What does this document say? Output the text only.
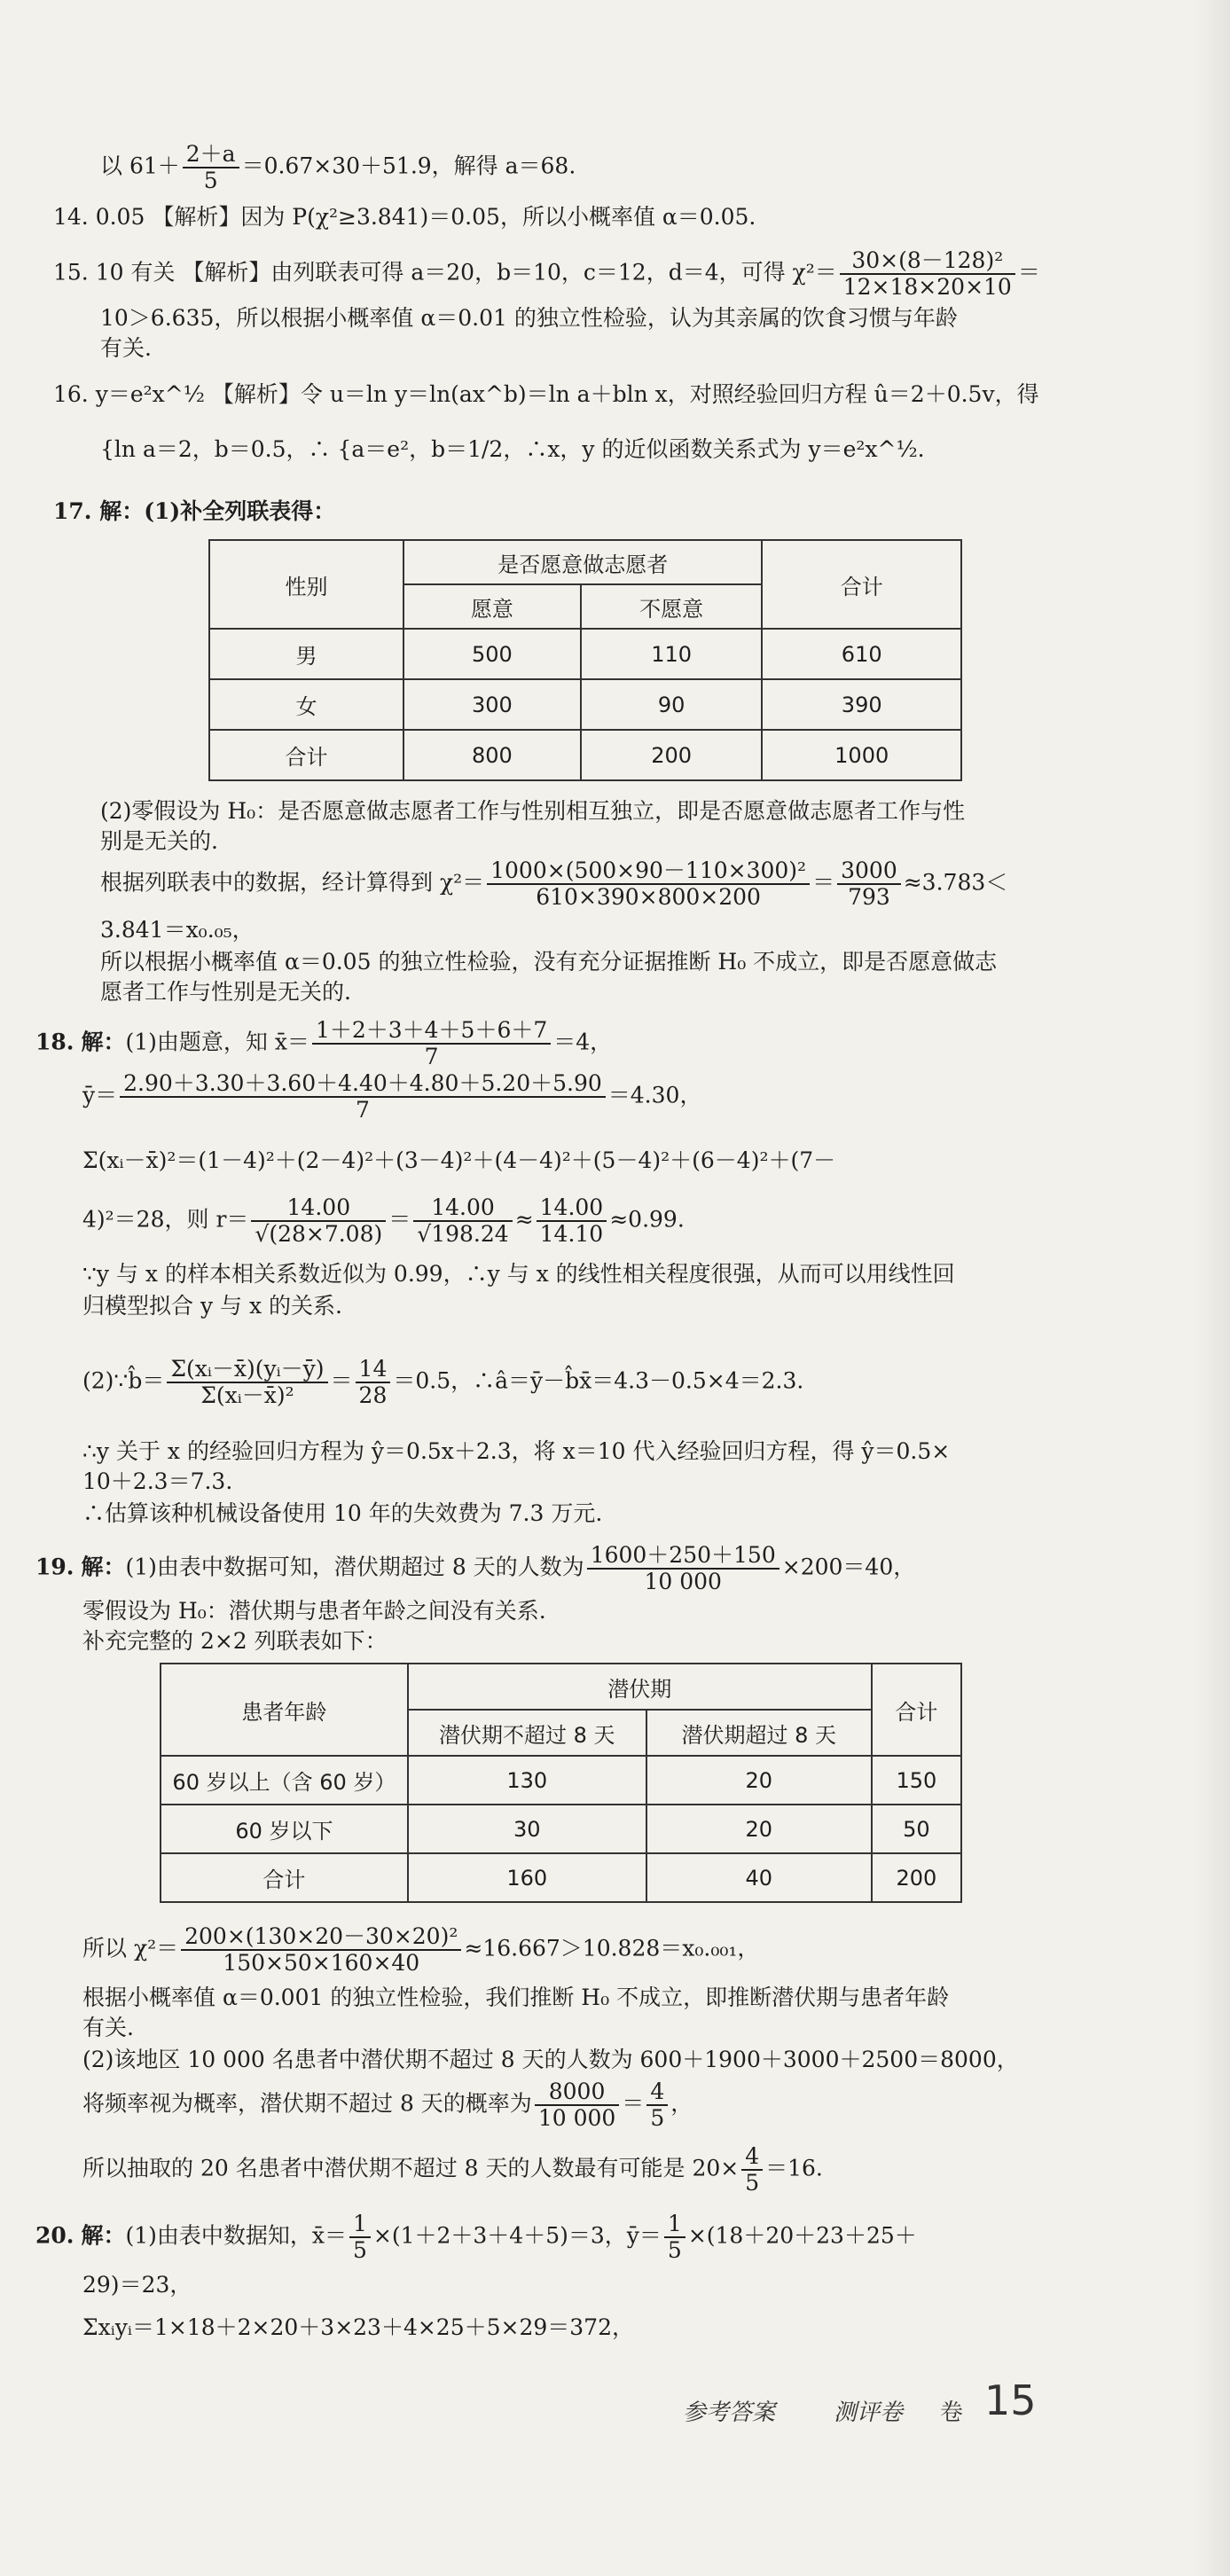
以 $61+ \frac{2+a}{5} =0.67\times 30+51.9$，解得 a＝68.
14. 0.05 【解析】因为 P(χ²≥3.841)＝0.05，所以小概率值 α＝0.05.
15. 10 有关 【解析】由列联表可得 a＝20，b＝10，c＝12，d＝4，可得 $\chi^2= \frac{\text{30×(8－128)²}}{12\times 18\times 20\times 10}$ ＝
10＞6.635，所以根据小概率值 α＝0.01 的独立性检验，认为其亲属的饮食习惯与年龄
有关.
16. y＝e²x^½ 【解析】令 u＝ln y＝ln(ax^b)＝ln a＋bln x，对照经验回归方程 û＝2＋0.5v，得
{ln a＝2，b＝0.5，∴ {a＝e²，b＝1/2，∴x，y 的近似函数关系式为 y＝e²x^½.
17. 解：(1)补全列联表得：
性别	是否愿意做志愿者		合计
	愿意	不愿意	
男	500	110	610
女	300	90	390
合计	800	200	1000
(2)零假设为 H₀：是否愿意做志愿者工作与性别相互独立，即是否愿意做志愿者工作与性
别是无关的.
根据列联表中的数据，经计算得到 $\chi^2= \frac{\text{1000×(500×90－110×300)²}}{610\times 390\times 800\times 200} = \frac{3000}{793} \approx 3.783<$
3.841＝x₀.₀₅，
所以根据小概率值 α＝0.05 的独立性检验，没有充分证据推断 H₀ 不成立，即是否愿意做志
愿者工作与性别是无关的.
18. 解：(1)由题意，知 x̄＝ $\frac{1+2+3+4+5+6+7}{7} =4$，
ȳ＝ $\frac{2.90+3.30+3.60+4.40+4.80+5.20+5.90}{7} =4.30$，
Σ(xᵢ－x̄)²＝(1－4)²＋(2－4)²＋(3－4)²＋(4－4)²＋(5－4)²＋(6－4)²＋(7－
4)²＝28，则 $r= \frac{14.00}{√(28\times 7.08)} = \frac{14.00}{√198.24} \approx \frac{14.00}{14.10} \approx 0.99$.
∵y 与 x 的样本相关系数近似为 0.99，∴y 与 x 的线性相关程度很强，从而可以用线性回
归模型拟合 y 与 x 的关系.
(2)∵b̂＝ $\frac{\text{Σ(xᵢ－x̄)(yᵢ－ȳ)}}{\text{Σ(xᵢ－x̄)²}} = \frac{14}{28} =0.5$，∴â＝ȳ－b̂x̄＝4.3－0.5×4＝2.3.
∴y 关于 x 的经验回归方程为 ŷ＝0.5x＋2.3，将 x＝10 代入经验回归方程，得 ŷ＝0.5×
10＋2.3＝7.3.
∴估算该种机械设备使用 10 年的失效费为 7.3 万元.
19. 解：(1)由表中数据可知，潜伏期超过 8 天的人数为 $\frac{1600+250+150}{10 000} \times 200=40$，
零假设为 H₀：潜伏期与患者年龄之间没有关系.
补充完整的 2×2 列联表如下：
患者年龄	潜伏期		合计
	潜伏期不超过 8 天	潜伏期超过 8 天	
60 岁以上（含 60 岁）	130	20	150
60 岁以下	30	20	50
合计	160	40	200
所以 $\chi^2= \frac{\text{200×(130×20－30×20)²}}{150\times 50\times 160\times 40} \approx 16.667>10.828=x_0._{001}$，
根据小概率值 α＝0.001 的独立性检验，我们推断 H₀ 不成立，即推断潜伏期与患者年龄
有关.
(2)该地区 10 000 名患者中潜伏期不超过 8 天的人数为 600＋1900＋3000＋2500＝8000，
将频率视为概率，潜伏期不超过 8 天的概率为 $\frac{8000}{10 000} = \frac{4}{5}$ ，
所以抽取的 20 名患者中潜伏期不超过 8 天的人数最有可能是 $20\times \frac{4}{5} =16$.
20. 解：(1)由表中数据知，x̄＝ $\frac{1}{5} \times(1+2+3+4+5)=3$，ȳ＝ $\frac{1}{5} \times(18+20+23+25+$
29)＝23，
Σxᵢyᵢ＝1×18＋2×20＋3×23＋4×25＋5×29＝372，
参考答案	测评卷 卷 15
